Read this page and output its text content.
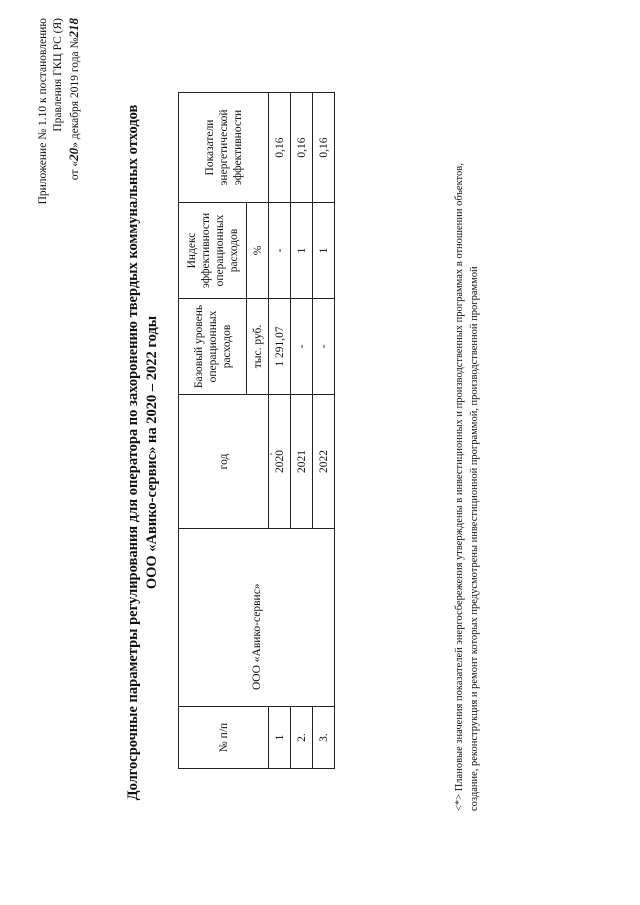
Приложение № 1.10 к постановлению Правления ГКЦ РС (Я)
от «20» декабря 2019 года №218
Долгосрочные параметры регулирования для оператора по захоронению твердых коммунальных отходов ООО «Авико-сервис» на 2020 – 2022 годы
№ п/п	ООО «Авико-сервис»	год	Базовый уровень операционных расходов	Индекс эффективности операционных расходов	Показатели энергетической эффективности
			тыс. руб.	%	
1		2020	1 291,07	-	0,16
2.		2021	-	1	0,16
3.		2022	-	1	0,16
<*> Плановые значения показателей энергосбережения утверждены в инвестиционных и производственных программах в отношении объектов, создание, реконструкция и ремонт которых предусмотрены инвестиционной программой, производственной программой
